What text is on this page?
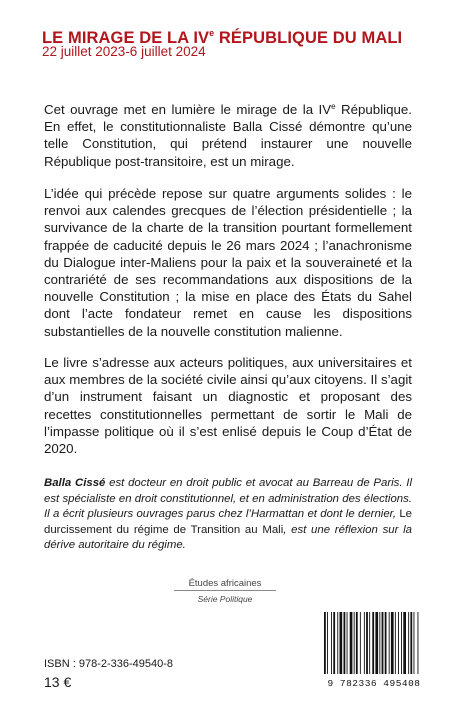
LE MIRAGE DE LA IVe RÉPUBLIQUE DU MALI
22 juillet 2023-6 juillet 2024

Cet ouvrage met en lumière le mirage de la IVe République. En effet, le constitutionnaliste Balla Cissé démontre qu’une telle Constitution, qui prétend instaurer une nouvelle République post-transitoire, est un mirage.

L’idée qui précède repose sur quatre arguments solides : le renvoi aux calendes grecques de l’élection présidentielle ; la survivance de la charte de la transition pourtant formellement frappée de caducité depuis le 26 mars 2024 ; l’anachronisme du Dialogue inter-Maliens pour la paix et la souveraineté et la contrariété de ses recommandations aux dispositions de la nouvelle Constitution ; la mise en place des États du Sahel dont l’acte fondateur remet en cause les dispositions substantielles de la nouvelle constitution malienne.

Le livre s’adresse aux acteurs politiques, aux universitaires et aux membres de la société civile ainsi qu’aux citoyens. Il s’agit d’un instrument faisant un diagnostic et proposant des recettes constitutionnelles permettant de sortir le Mali de l’impasse politique où il s’est enlisé depuis le Coup d’État de 2020.

Balla Cissé est docteur en droit public et avocat au Barreau de Paris. Il est spécialiste en droit constitutionnel, et en administration des élections. Il a écrit plusieurs ouvrages parus chez l’Harmattan et dont le dernier, Le durcissement du régime de Transition au Mali, est une réflexion sur la dérive autoritaire du régime.
Études africaines
Série Politique
ISBN : 978-2-336-49540-8
13 €	9 782336 495408
